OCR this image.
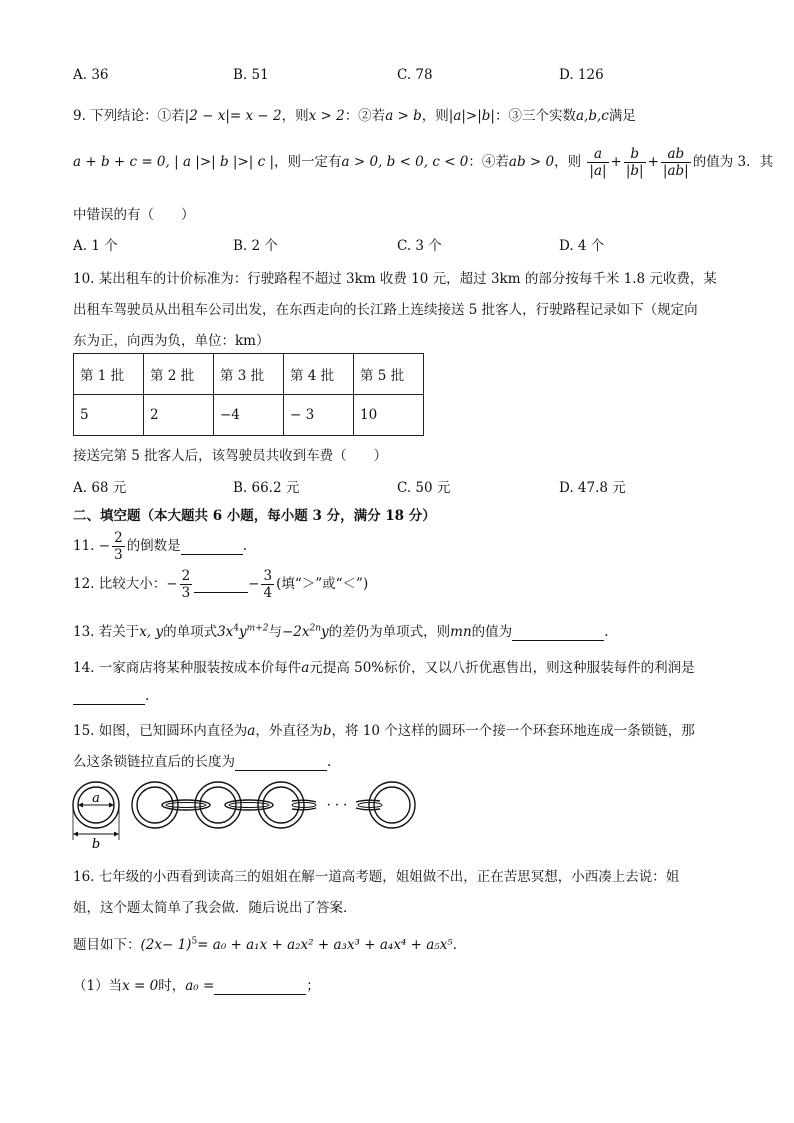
A. 36	B. 51	C. 78	D. 126
9. 下列结论：①若|2 − x|= x − 2，则x > 2：②若a > b，则|a|>|b|：③三个实数a,b,c满足
a + b + c = 0, | a |>| b |>| c |，则一定有a > 0, b < 0, c < 0：④若ab > 0，则 $\frac{a}{|a|} + \frac{b}{|b|} + \frac{ab}{|ab|}$ 的值为 3．其
中错误的有（　　）
A. 1 个	B. 2 个	C. 3 个	D. 4 个
10. 某出租车的计价标准为：行驶路程不超过 3km 收费 10 元，超过 3km 的部分按每千米 1.8 元收费，某
出租车驾驶员从出租车公司出发，在东西走向的长江路上连续接送 5 批客人，行驶路程记录如下（规定向
东为正，向西为负，单位：km）
第 1 批	第 2 批	第 3 批	第 4 批	第 5 批
5	2	−4	− 3	10
接送完第 5 批客人后，该驾驶员共收到车费（　　）
A. 68 元	B. 66.2 元	C. 50 元	D. 47.8 元
二、填空题（本大题共 6 小题，每小题 3 分，满分 18 分）
11. − $\frac{2}{3}$ 的倒数是	.
12. 比较大小：− $\frac{2}{3}$	− $\frac{3}{4}$ (填“＞”或“＜”)
13. 若关于x, y的单项式$3x^4y^{m+2}$与$-2x^{2n}y$的差仍为单项式，则mn的值为	.
14. 一家商店将某种服装按成本价每件a元提高 50%标价，又以八折优惠售出，则这种服装每件的利润是
.
15. 如图，已知圆环内直径为a，外直径为b，将 10 个这样的圆环一个接一个环套环地连成一条锁链，那
么这条锁链拉直后的长度为	.
a
b
· · ·
16. 七年级的小西看到读高三的姐姐在解一道高考题，姐姐做不出，正在苦思冥想，小西凑上去说：姐
姐，这个题太简单了我会做．随后说出了答案．
题目如下：$(2x- 1)^5= a_0 + a_1x + a_2x^2 + a_3x^3 + a_4x^4 + a_5x^5$．
（1）当x = 0时，a₀ =	；
